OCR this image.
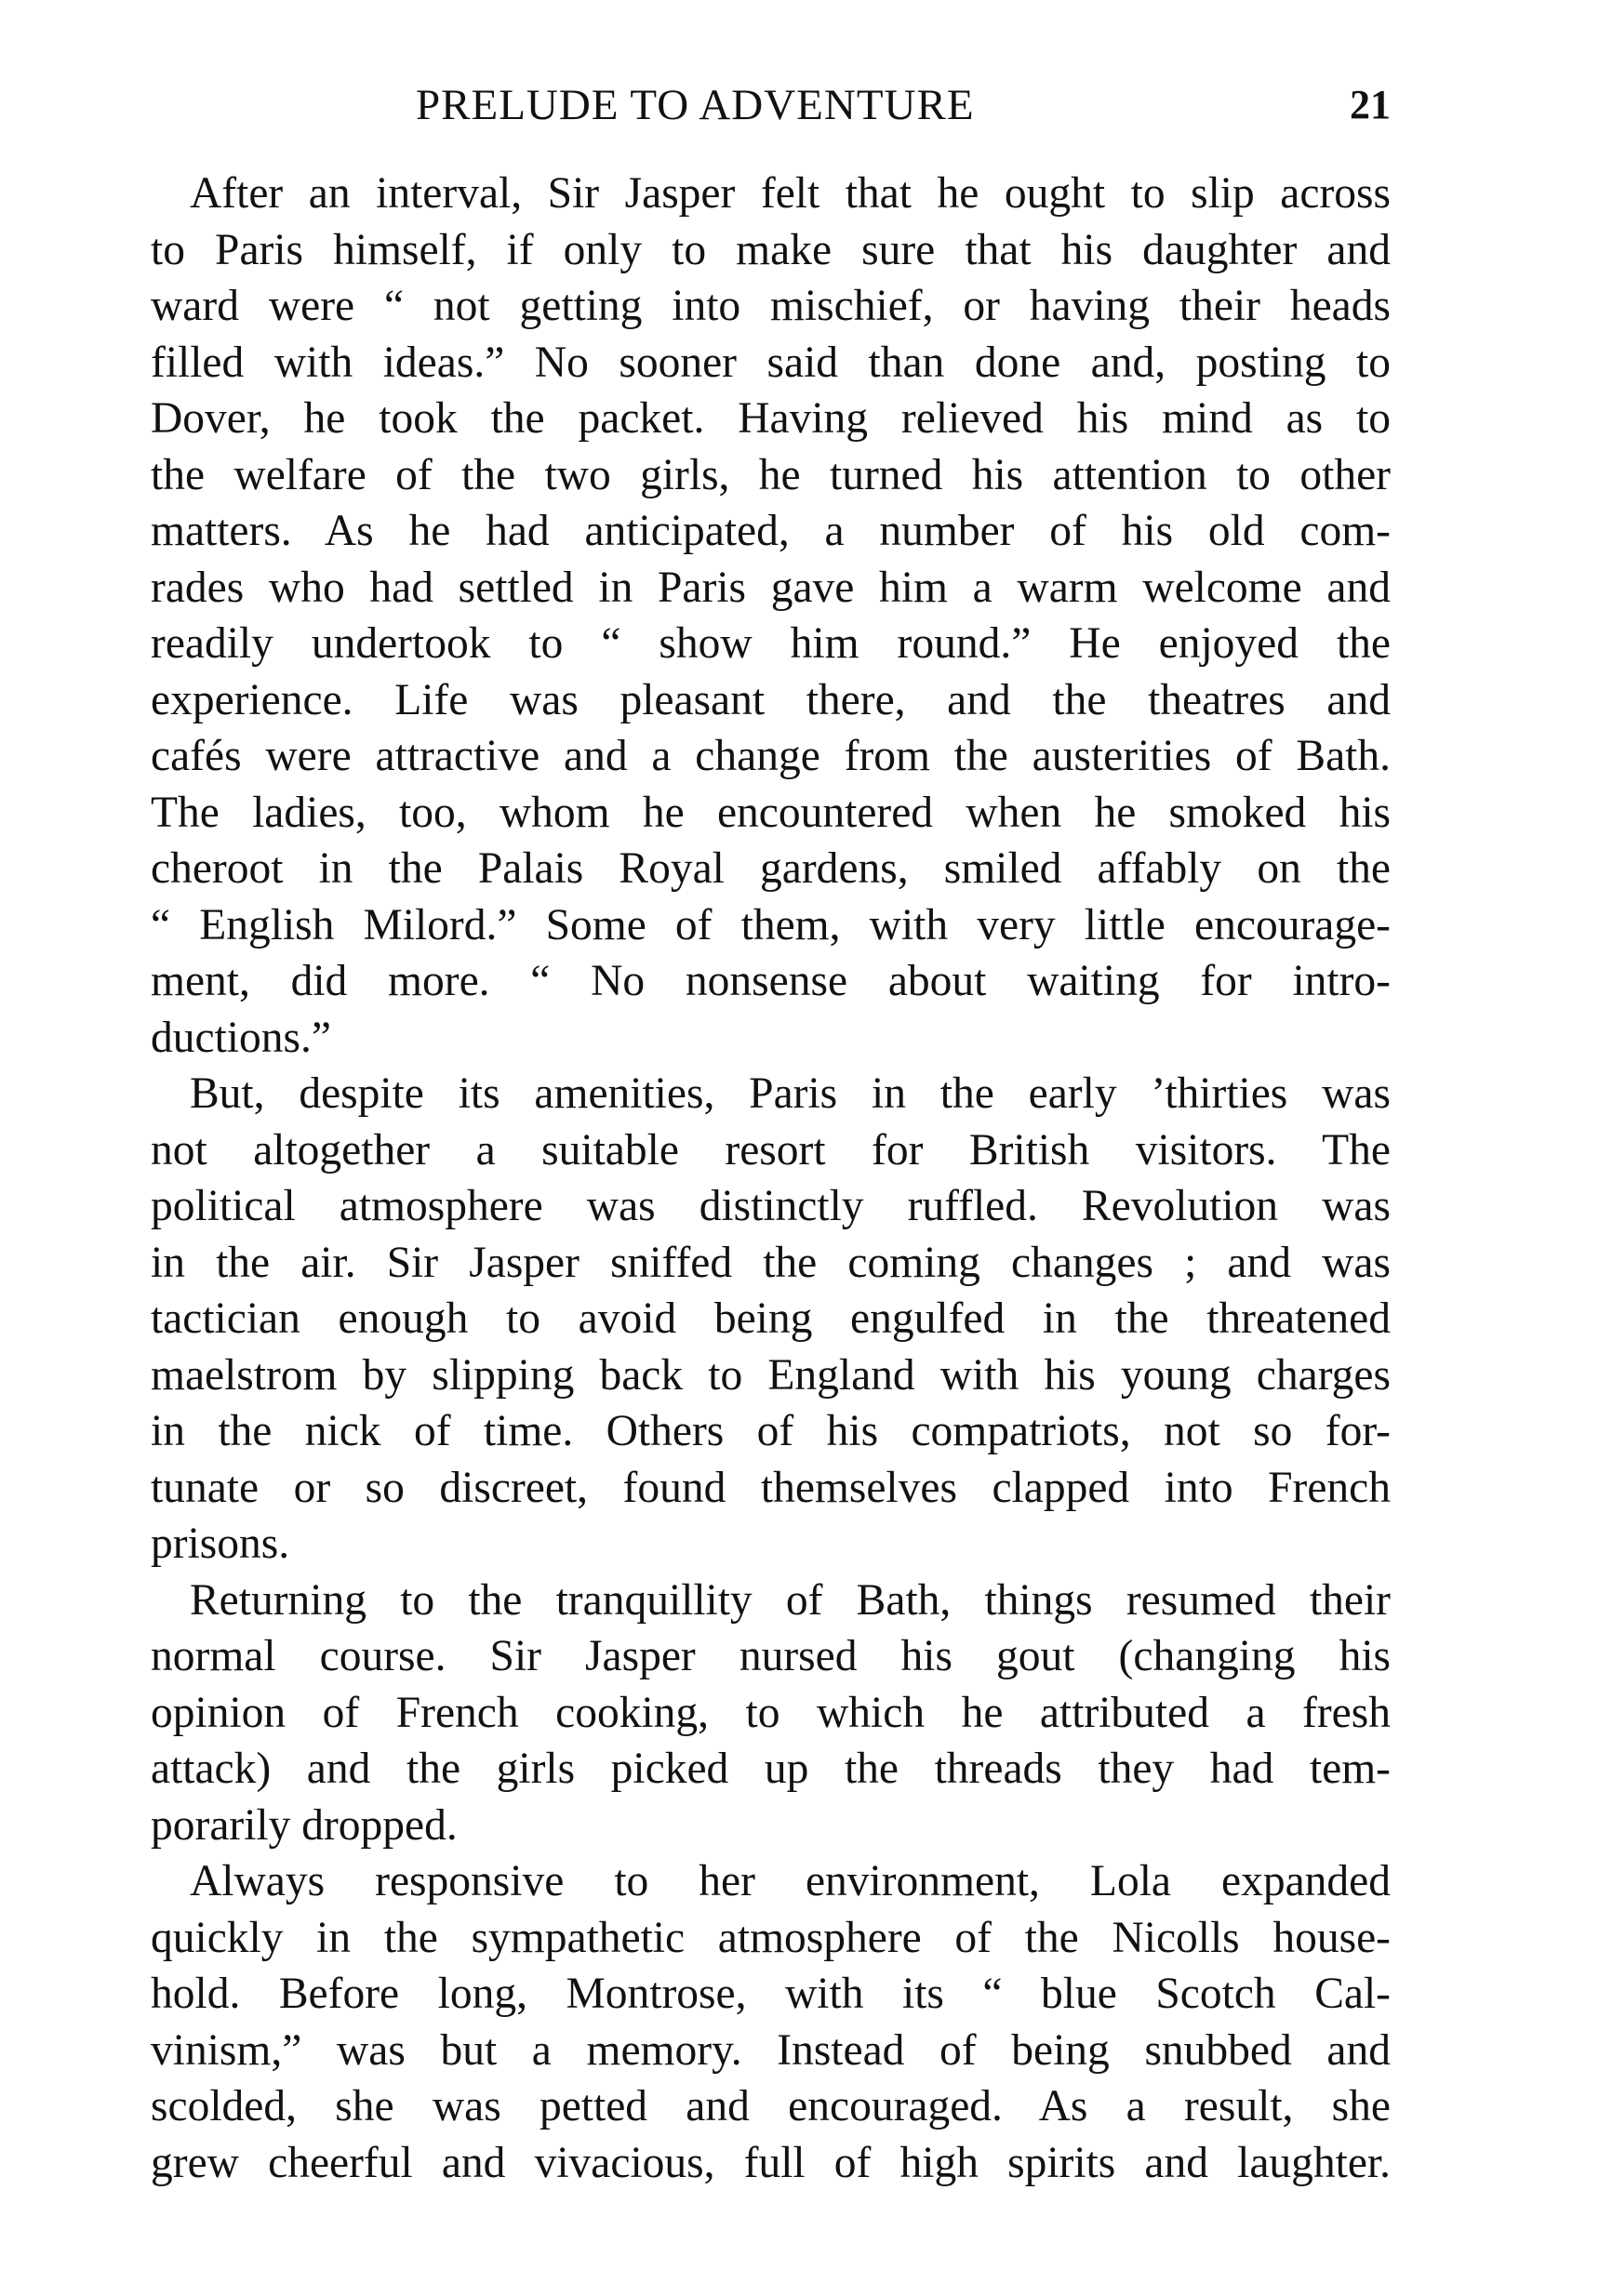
PRELUDE TO ADVENTURE	21
After an interval, Sir Jasper felt that he ought to slip across
to Paris himself, if only to make sure that his daughter and
ward were “ not getting into mischief, or having their heads
filled with ideas.” No sooner said than done and, posting to
Dover, he took the packet. Having relieved his mind as to
the welfare of the two girls, he turned his attention to other
matters. As he had anticipated, a number of his old com-
rades who had settled in Paris gave him a warm welcome and
readily undertook to “ show him round.” He enjoyed the
experience. Life was pleasant there, and the theatres and
cafés were attractive and a change from the austerities of Bath.
The ladies, too, whom he encountered when he smoked his
cheroot in the Palais Royal gardens, smiled affably on the
“ English Milord.” Some of them, with very little encourage-
ment, did more. “ No nonsense about waiting for intro-
ductions.”
But, despite its amenities, Paris in the early ’thirties was
not altogether a suitable resort for British visitors. The
political atmosphere was distinctly ruffled. Revolution was
in the air. Sir Jasper sniffed the coming changes ; and was
tactician enough to avoid being engulfed in the threatened
maelstrom by slipping back to England with his young charges
in the nick of time. Others of his compatriots, not so for-
tunate or so discreet, found themselves clapped into French
prisons.
Returning to the tranquillity of Bath, things resumed their
normal course. Sir Jasper nursed his gout (changing his
opinion of French cooking, to which he attributed a fresh
attack) and the girls picked up the threads they had tem-
porarily dropped.
Always responsive to her environment, Lola expanded
quickly in the sympathetic atmosphere of the Nicolls house-
hold. Before long, Montrose, with its “ blue Scotch Cal-
vinism,” was but a memory. Instead of being snubbed and
scolded, she was petted and encouraged. As a result, she
grew cheerful and vivacious, full of high spirits and laughter.
